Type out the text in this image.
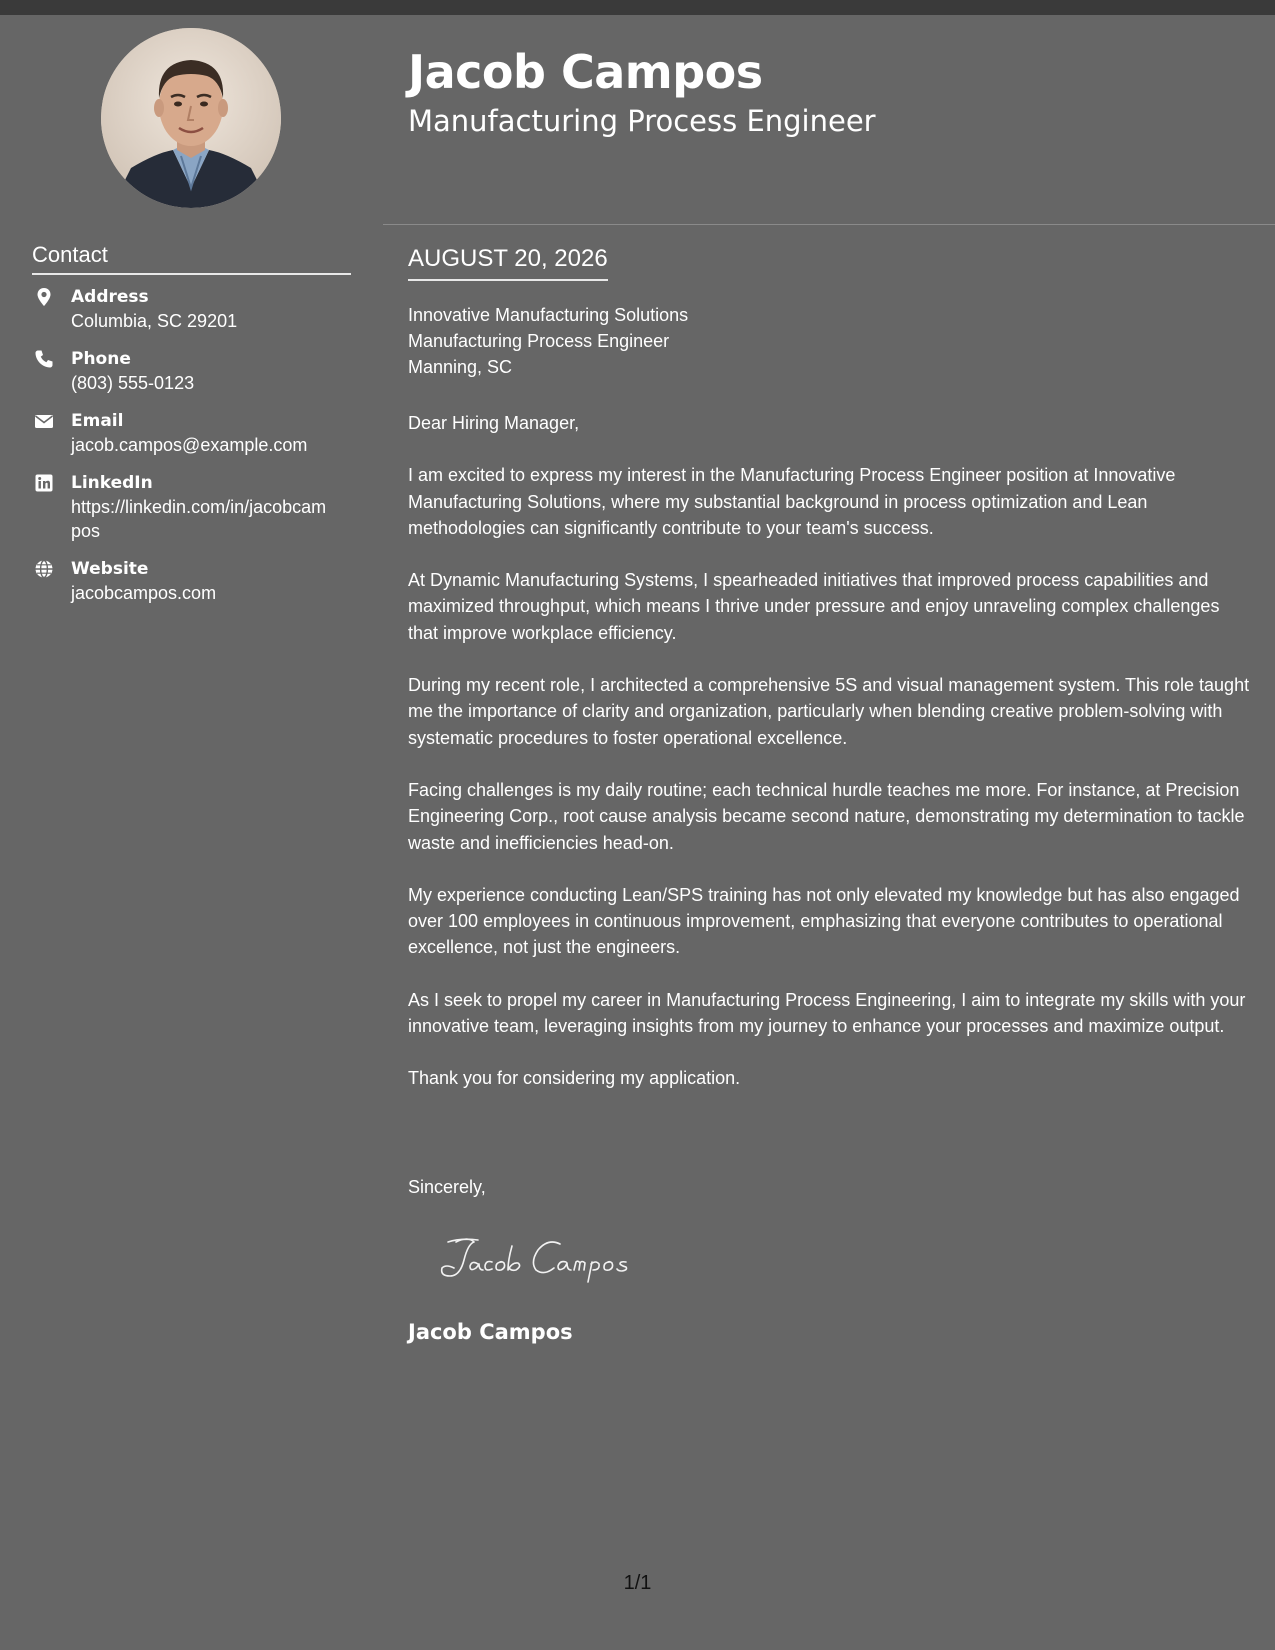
Jacob Campos
Manufacturing Process Engineer
Contact
Address
Columbia, SC 29201
Phone
(803) 555-0123
Email
jacob.campos@example.com
LinkedIn
https://linkedin.com/in/jacobcampos
Website
jacobcampos.com
AUGUST 20, 2026
Innovative Manufacturing Solutions
Manufacturing Process Engineer
Manning, SC

Dear Hiring Manager,

I am excited to express my interest in the Manufacturing Process Engineer position at Innovative Manufacturing Solutions, where my substantial background in process optimization and Lean methodologies can significantly contribute to your team's success.

At Dynamic Manufacturing Systems, I spearheaded initiatives that improved process capabilities and maximized throughput, which means I thrive under pressure and enjoy unraveling complex challenges that improve workplace efficiency.

During my recent role, I architected a comprehensive 5S and visual management system. This role taught me the importance of clarity and organization, particularly when blending creative problem-solving with systematic procedures to foster operational excellence.

Facing challenges is my daily routine; each technical hurdle teaches me more. For instance, at Precision Engineering Corp., root cause analysis became second nature, demonstrating my determination to tackle waste and inefficiencies head-on.

My experience conducting Lean/SPS training has not only elevated my knowledge but has also engaged over 100 employees in continuous improvement, emphasizing that everyone contributes to operational excellence, not just the engineers.

As I seek to propel my career in Manufacturing Process Engineering, I aim to integrate my skills with your innovative team, leveraging insights from my journey to enhance your processes and maximize output.

Thank you for considering my application.

Sincerely,
Jacob Campos
1/1
